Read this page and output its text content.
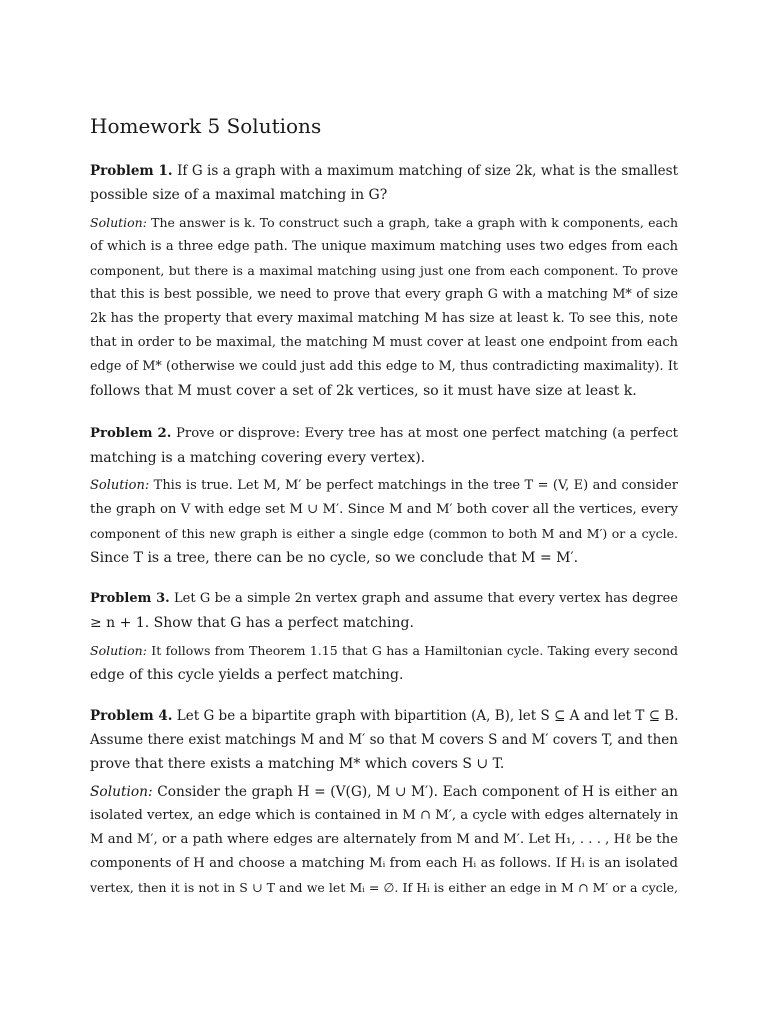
Homework 5 Solutions
Problem 1. If G is a graph with a maximum matching of size 2k, what is the smallest
possible size of a maximal matching in G?
Solution: The answer is k. To construct such a graph, take a graph with k components, each
of which is a three edge path. The unique maximum matching uses two edges from each
component, but there is a maximal matching using just one from each component. To prove
that this is best possible, we need to prove that every graph G with a matching M* of size
2k has the property that every maximal matching M has size at least k. To see this, note
that in order to be maximal, the matching M must cover at least one endpoint from each
edge of M* (otherwise we could just add this edge to M, thus contradicting maximality). It
follows that M must cover a set of 2k vertices, so it must have size at least k.
Problem 2. Prove or disprove: Every tree has at most one perfect matching (a perfect
matching is a matching covering every vertex).
Solution: This is true. Let M, M′ be perfect matchings in the tree T = (V, E) and consider
the graph on V with edge set M ∪ M′. Since M and M′ both cover all the vertices, every
component of this new graph is either a single edge (common to both M and M′) or a cycle.
Since T is a tree, there can be no cycle, so we conclude that M = M′.
Problem 3. Let G be a simple 2n vertex graph and assume that every vertex has degree
≥ n + 1. Show that G has a perfect matching.
Solution: It follows from Theorem 1.15 that G has a Hamiltonian cycle. Taking every second
edge of this cycle yields a perfect matching.
Problem 4. Let G be a bipartite graph with bipartition (A, B), let S ⊆ A and let T ⊆ B.
Assume there exist matchings M and M′ so that M covers S and M′ covers T, and then
prove that there exists a matching M* which covers S ∪ T.
Solution: Consider the graph H = (V(G), M ∪ M′). Each component of H is either an
isolated vertex, an edge which is contained in M ∩ M′, a cycle with edges alternately in
M and M′, or a path where edges are alternately from M and M′. Let H₁, . . . , Hℓ be the
components of H and choose a matching Mᵢ from each Hᵢ as follows. If Hᵢ is an isolated
vertex, then it is not in S ∪ T and we let Mᵢ = ∅. If Hᵢ is either an edge in M ∩ M′ or a cycle,
